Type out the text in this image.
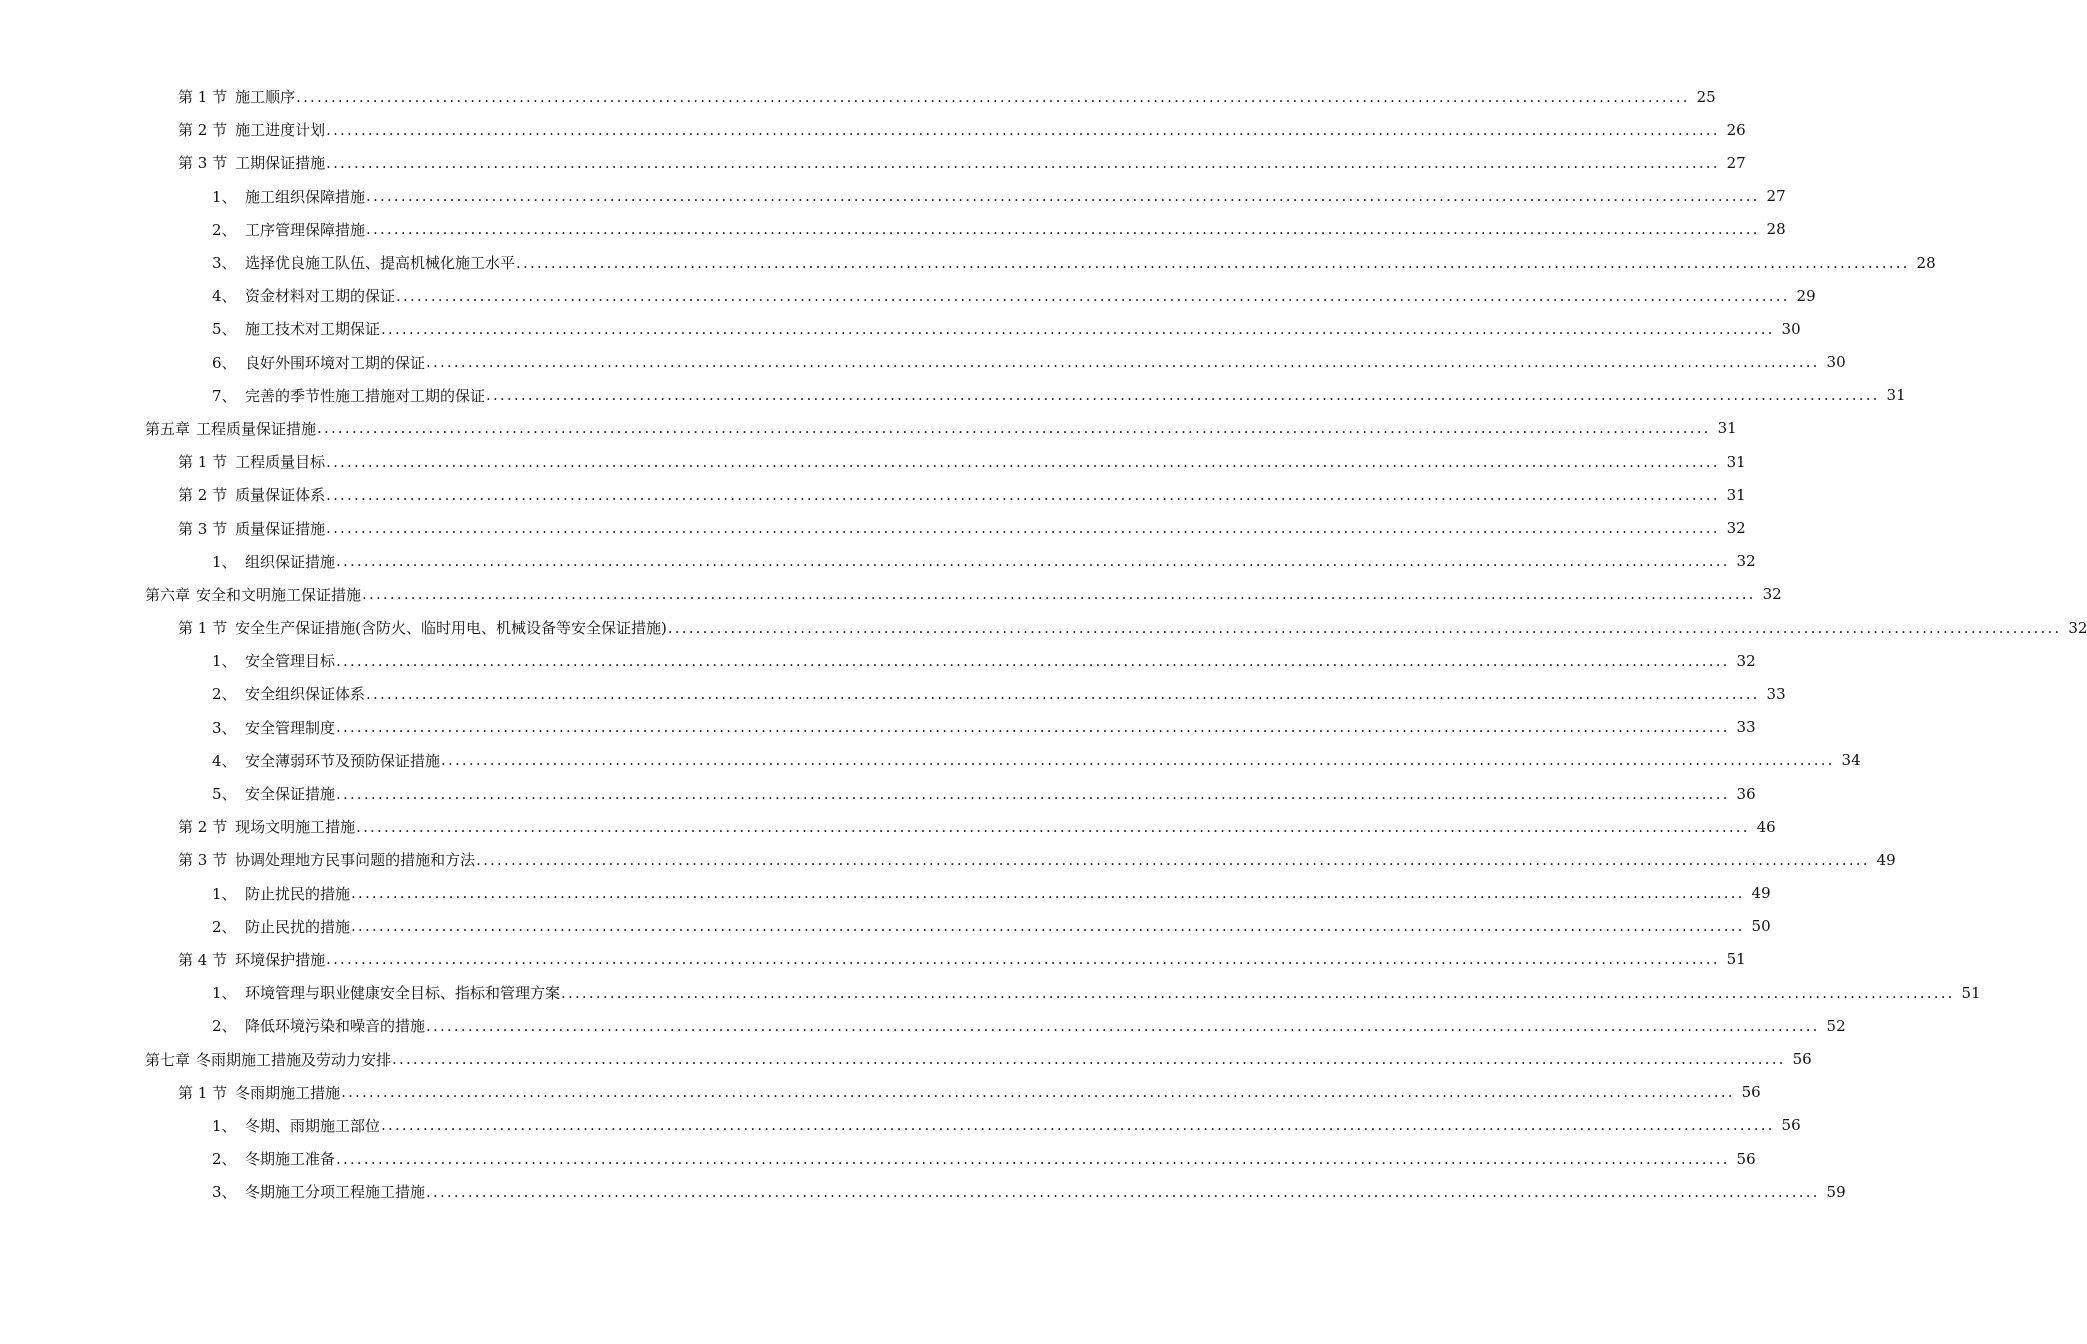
第 1 节 施工顺序 ........................................................................................................................................................................................................ 25
第 2 节 施工进度计划 ........................................................................................................................................................................................................ 26
第 3 节 工期保证措施 ........................................................................................................................................................................................................ 27
1、 施工组织保障措施 ........................................................................................................................................................................................................ 27
2、 工序管理保障措施 ........................................................................................................................................................................................................ 28
3、 选择优良施工队伍、提高机械化施工水平 ........................................................................................................................................................................................................ 28
4、 资金材料对工期的保证 ........................................................................................................................................................................................................ 29
5、 施工技术对工期保证 ........................................................................................................................................................................................................ 30
6、 良好外围环境对工期的保证 ........................................................................................................................................................................................................ 30
7、 完善的季节性施工措施对工期的保证 ........................................................................................................................................................................................................ 31
第五章 工程质量保证措施 ........................................................................................................................................................................................................ 31
第 1 节 工程质量目标 ........................................................................................................................................................................................................ 31
第 2 节 质量保证体系 ........................................................................................................................................................................................................ 31
第 3 节 质量保证措施 ........................................................................................................................................................................................................ 32
1、 组织保证措施 ........................................................................................................................................................................................................ 32
第六章 安全和文明施工保证措施 ........................................................................................................................................................................................................ 32
第 1 节 安全生产保证措施(含防火、临时用电、机械设备等安全保证措施) ........................................................................................................................................................................................................ 32
1、 安全管理目标 ........................................................................................................................................................................................................ 32
2、 安全组织保证体系 ........................................................................................................................................................................................................ 33
3、 安全管理制度 ........................................................................................................................................................................................................ 33
4、 安全薄弱环节及预防保证措施 ........................................................................................................................................................................................................ 34
5、 安全保证措施 ........................................................................................................................................................................................................ 36
第 2 节 现场文明施工措施 ........................................................................................................................................................................................................ 46
第 3 节 协调处理地方民事问题的措施和方法 ........................................................................................................................................................................................................ 49
1、 防止扰民的措施 ........................................................................................................................................................................................................ 49
2、 防止民扰的措施 ........................................................................................................................................................................................................ 50
第 4 节 环境保护措施 ........................................................................................................................................................................................................ 51
1、 环境管理与职业健康安全目标、指标和管理方案 ........................................................................................................................................................................................................ 51
2、 降低环境污染和噪音的措施 ........................................................................................................................................................................................................ 52
第七章 冬雨期施工措施及劳动力安排 ........................................................................................................................................................................................................ 56
第 1 节 冬雨期施工措施 ........................................................................................................................................................................................................ 56
1、 冬期、雨期施工部位 ........................................................................................................................................................................................................ 56
2、 冬期施工准备 ........................................................................................................................................................................................................ 56
3、 冬期施工分项工程施工措施 ........................................................................................................................................................................................................ 59
